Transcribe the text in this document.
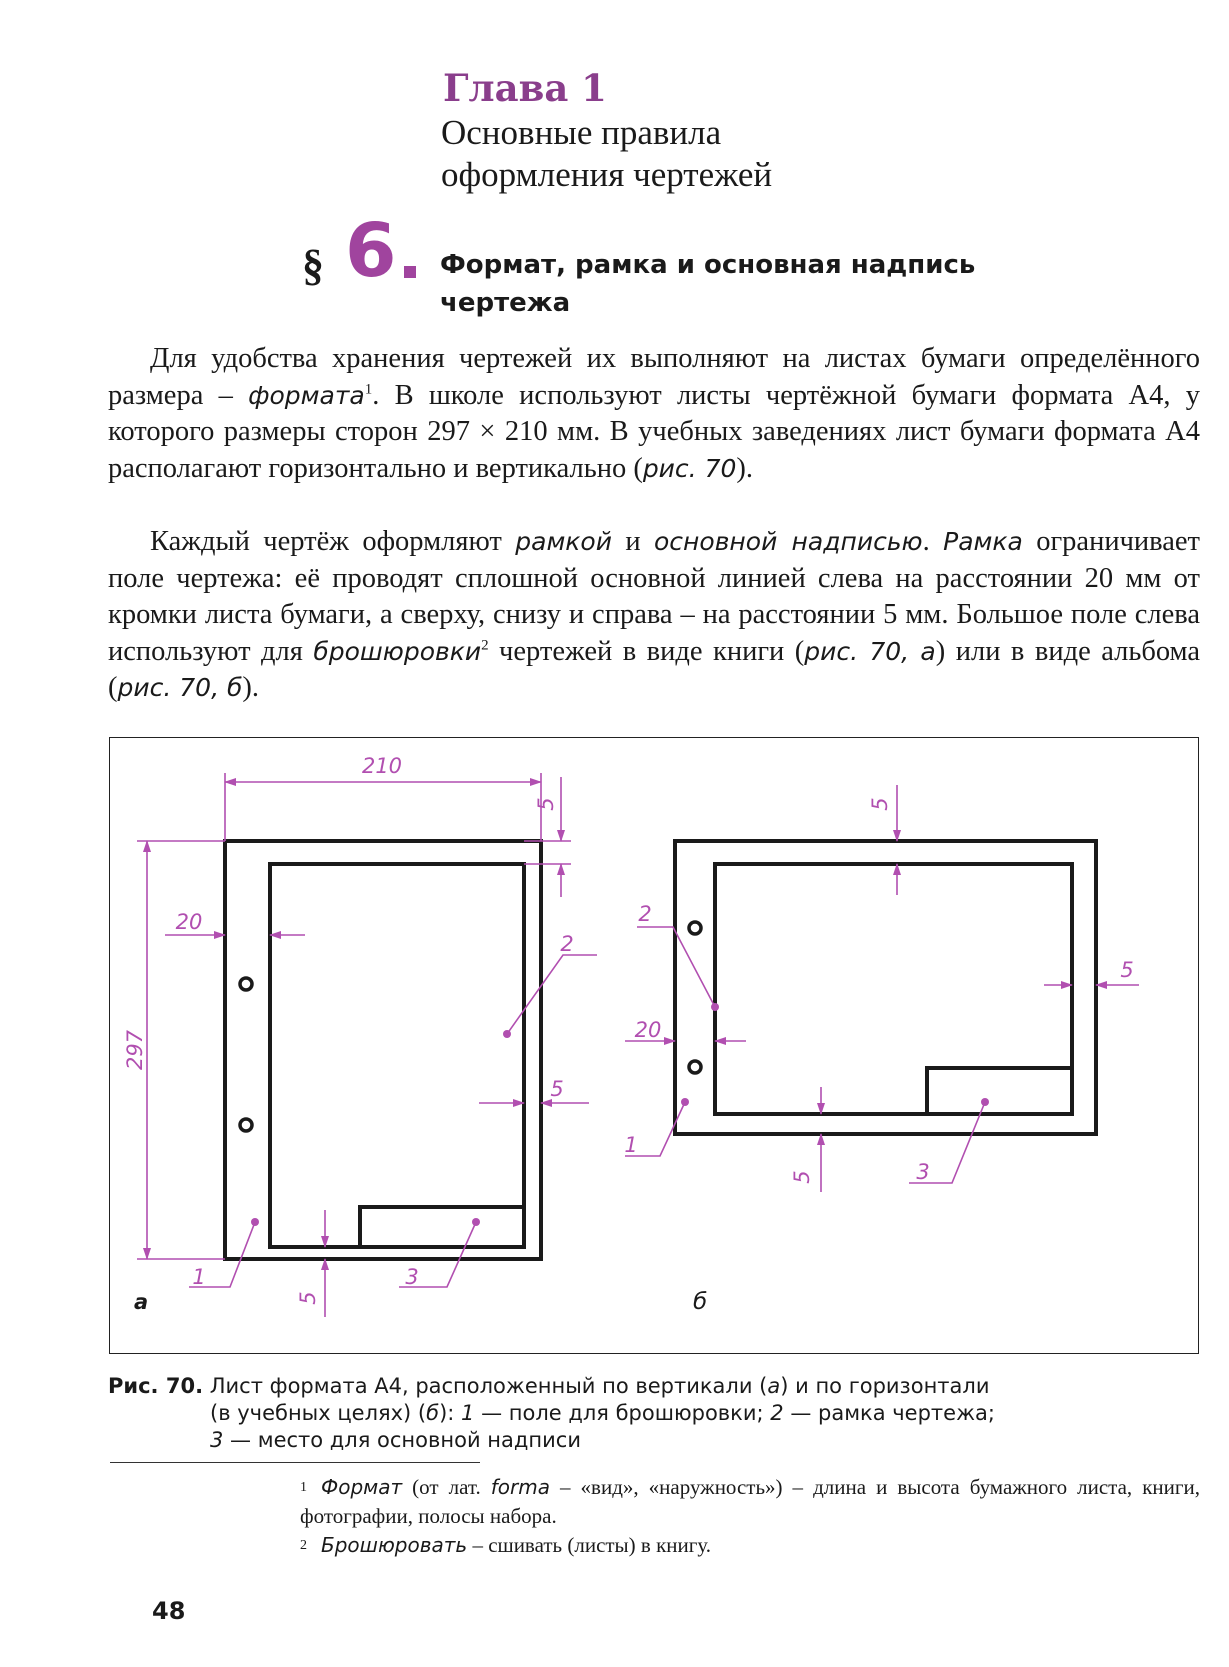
Глава 1
Основные правила
оформления чертежей
§ 6 Формат, рамка и основная надпись
чертежа

Для удобства хранения чертежей их выполняют на листах бумаги определённого размера – формата$^1$. В школе используют листы чертёжной бумаги формата А4, у которого размеры сторон 297 × 210 мм. В учебных заведениях лист бумаги формата А4 располагают горизонтально и вертикально (рис. 70).

Каждый чертёж оформляют рамкой и основной надписью. Рамка ограничивает поле чертежа: её проводят сплошной основной линией слева на расстоянии 20 мм от кромки листа бумаги, а сверху, снизу и справа – на расстоянии 5 мм. Большое поле слева используют для брошюровки$^2$ чертежей в виде книги (рис. 70, а) или в виде альбома (рис. 70, б).

210
297
5
20
5
5
1
2
3
а
5
5
20
5
2
1
3
б
Рис. 70. Лист формата А4, расположенный по вертикали (а) и по горизонтали
(в учебных целях) (б): 1 — поле для брошюровки; 2 — рамка чертежа;
3 — место для основной надписи
$^1$ Формат (от лат. forma – «вид», «наружность») – длина и высота бумажного листа, книги, фотографии, полосы набора.
$^2$ Брошюровать – сшивать (листы) в книгу.
48
